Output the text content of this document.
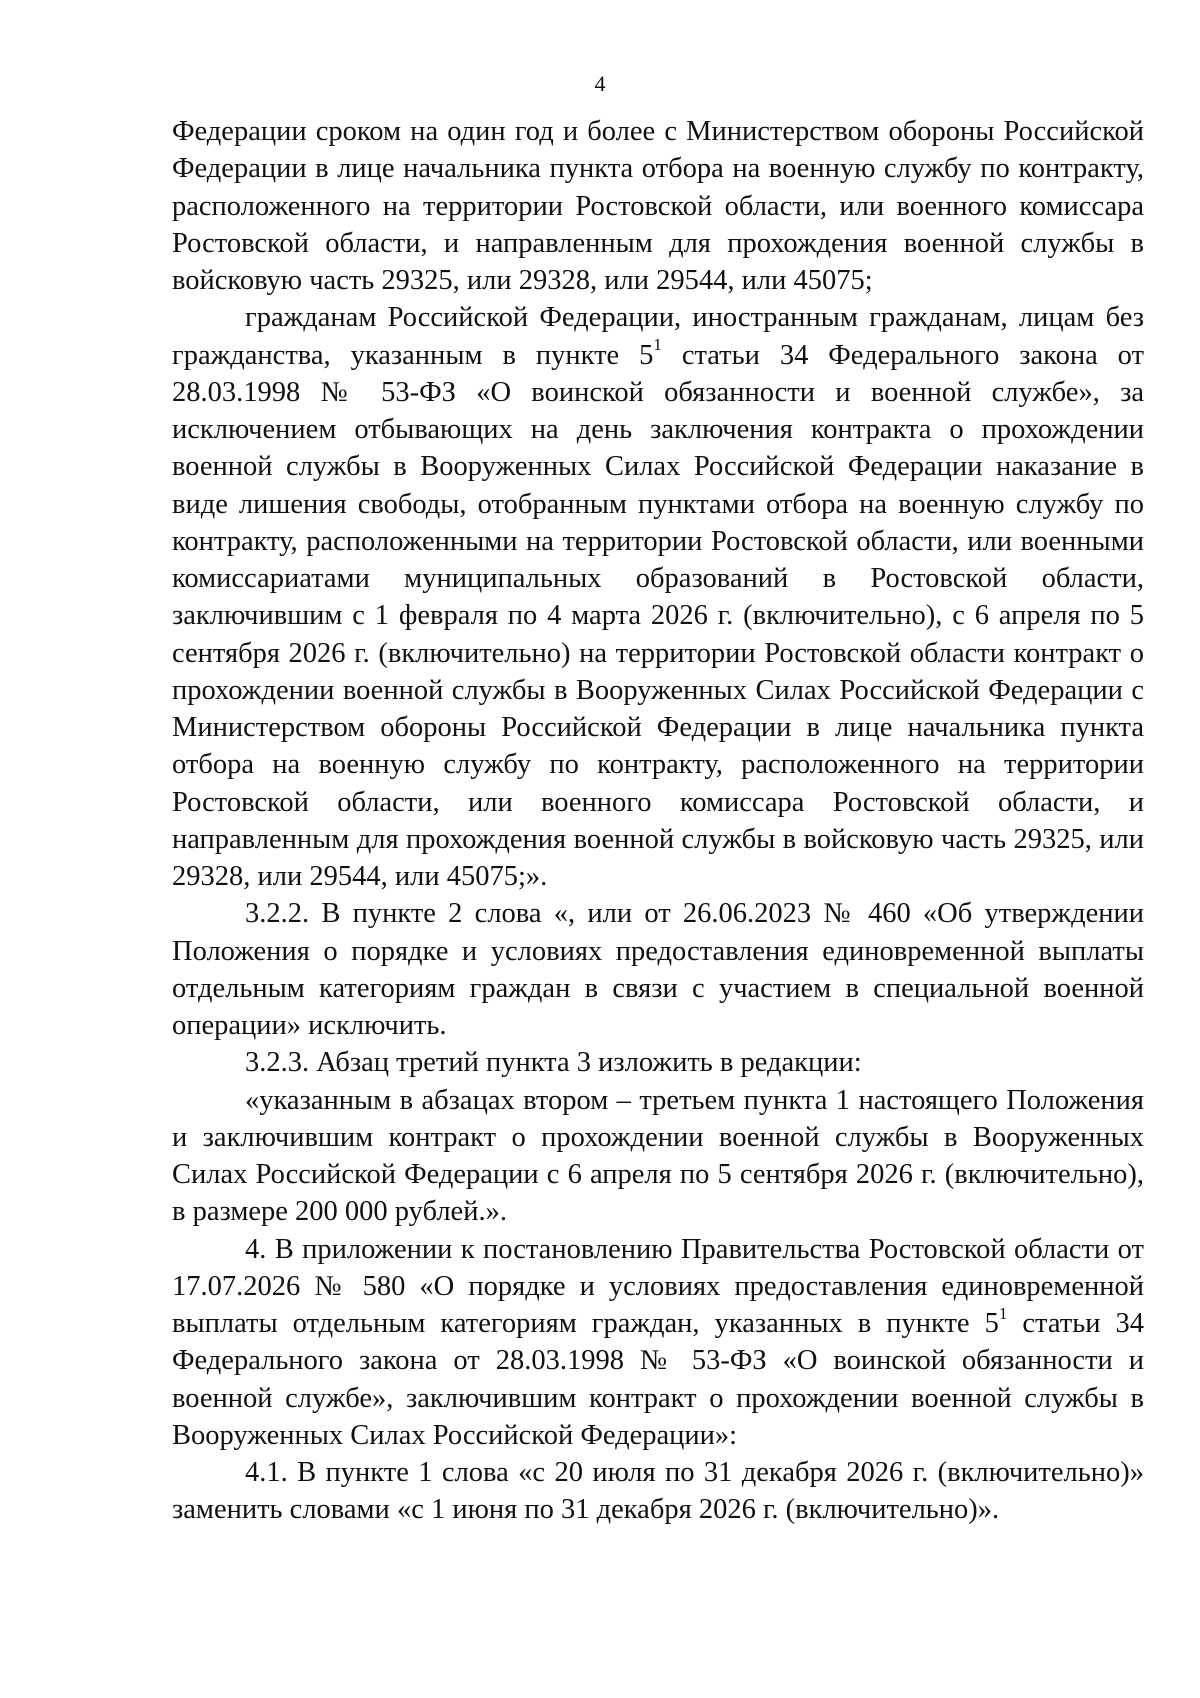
4

Федерации сроком на один год и более с Министерством обороны Российской Федерации в лице начальника пункта отбора на военную службу по контракту, расположенного на территории Ростовской области, или военного комиссара Ростовской области, и направленным для прохождения военной службы в войсковую часть 29325, или 29328, или 29544, или 45075;

гражданам Российской Федерации, иностранным гражданам, лицам без гражданства, указанным в пункте $5^1$ статьи 34 Федерального закона от 28.03.1998 № 53-ФЗ «О воинской обязанности и военной службе», за исключением отбывающих на день заключения контракта о прохождении военной службы в Вооруженных Силах Российской Федерации наказание в виде лишения свободы, отобранным пунктами отбора на военную службу по контракту, расположенными на территории Ростовской области, или военными комиссариатами муниципальных образований в Ростовской области, заключившим с 1 февраля по 4 марта 2026 г. (включительно), с 6 апреля по 5 сентября 2026 г. (включительно) на территории Ростовской области контракт о прохождении военной службы в Вооруженных Силах Российской Федерации с Министерством обороны Российской Федерации в лице начальника пункта отбора на военную службу по контракту, расположенного на территории Ростовской области, или военного комиссара Ростовской области, и направленным для прохождения военной службы в войсковую часть 29325, или 29328, или 29544, или 45075;».

3.2.2. В пункте 2 слова «, или от 26.06.2023 № 460 «Об утверждении Положения о порядке и условиях предоставления единовременной выплаты отдельным категориям граждан в связи с участием в специальной военной операции» исключить.

3.2.3. Абзац третий пункта 3 изложить в редакции:

«указанным в абзацах втором – третьем пункта 1 настоящего Положения и заключившим контракт о прохождении военной службы в Вооруженных Силах Российской Федерации с 6 апреля по 5 сентября 2026 г. (включительно), в размере 200 000 рублей.».

4. В приложении к постановлению Правительства Ростовской области от 17.07.2026 № 580 «О порядке и условиях предоставления единовременной выплаты отдельным категориям граждан, указанных в пункте $5^1$ статьи 34 Федерального закона от 28.03.1998 № 53-ФЗ «О воинской обязанности и военной службе», заключившим контракт о прохождении военной службы в Вооруженных Силах Российской Федерации»:

4.1. В пункте 1 слова «с 20 июля по 31 декабря 2026 г. (включительно)» заменить словами «с 1 июня по 31 декабря 2026 г. (включительно)».
